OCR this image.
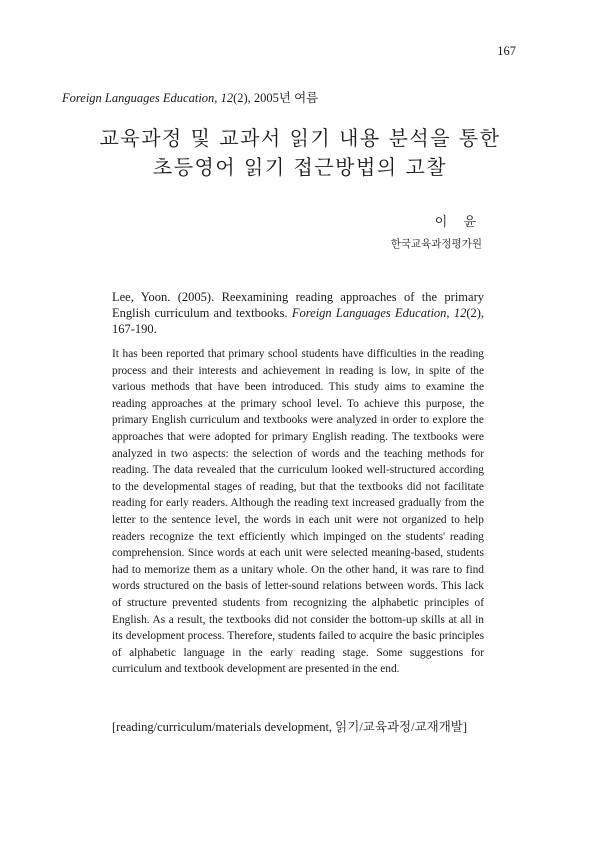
167
Foreign Languages Education, 12(2), 2005년 여름
교육과정 및 교과서 읽기 내용 분석을 통한
초등영어 읽기 접근방법의 고찰
이 윤
한국교육과정평가원
Lee, Yoon. (2005). Reexamining reading approaches of the primary English curriculum and textbooks. Foreign Languages Education, 12(2), 167-190.
It has been reported that primary school students have difficulties in the reading process and their interests and achievement in reading is low, in spite of the various methods that have been introduced. This study aims to examine the reading approaches at the primary school level. To achieve this purpose, the primary English curriculum and textbooks were analyzed in order to explore the approaches that were adopted for primary English reading. The textbooks were analyzed in two aspects: the selection of words and the teaching methods for reading. The data revealed that the curriculum looked well-structured according to the developmental stages of reading, but that the textbooks did not facilitate reading for early readers. Although the reading text increased gradually from the letter to the sentence level, the words in each unit were not organized to help readers recognize the text efficiently which impinged on the students' reading comprehension. Since words at each unit were selected meaning-based, students had to memorize them as a unitary whole. On the other hand, it was rare to find words structured on the basis of letter-sound relations between words. This lack of structure prevented students from recognizing the alphabetic principles of English. As a result, the textbooks did not consider the bottom-up skills at all in its development process. Therefore, students failed to acquire the basic principles of alphabetic language in the early reading stage. Some suggestions for curriculum and textbook development are presented in the end.
[reading/curriculum/materials development, 읽기/교육과정/교재개발]
